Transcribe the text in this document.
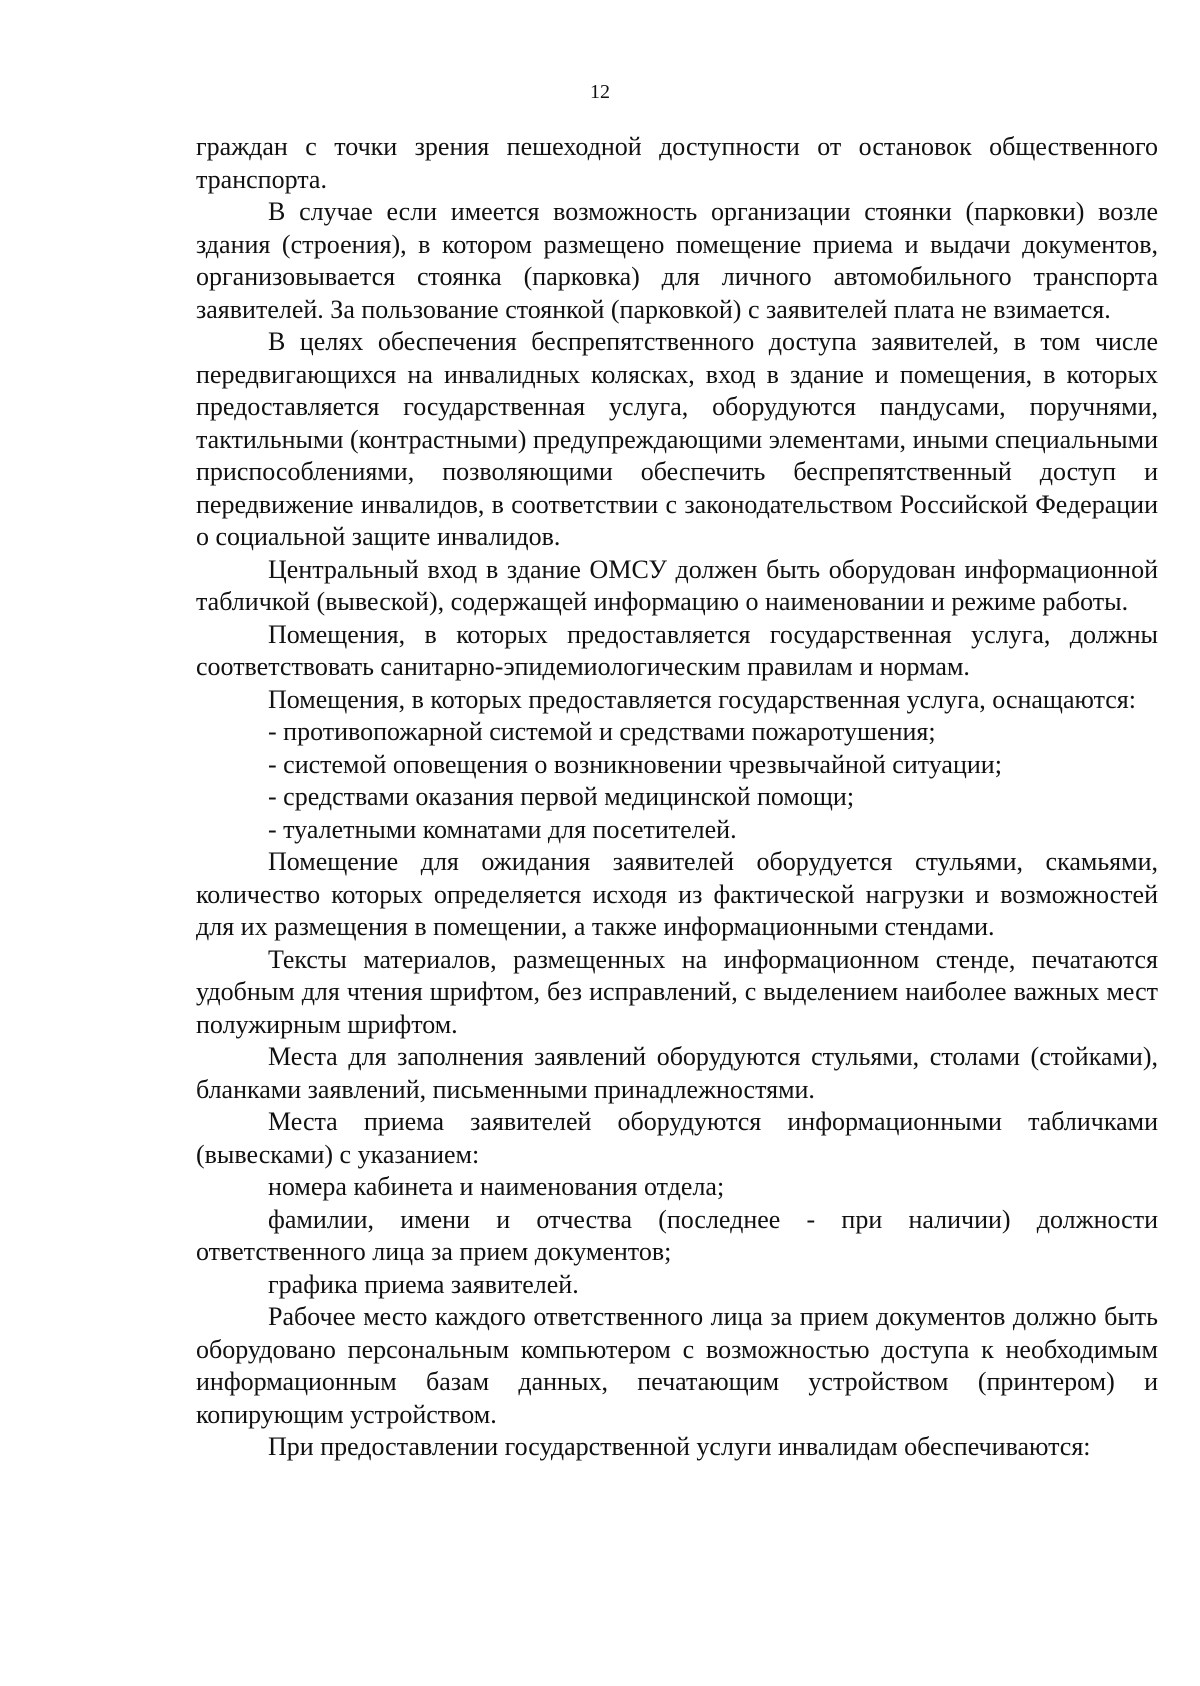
12

граждан с точки зрения пешеходной доступности от остановок общественного транспорта.

В случае если имеется возможность организации стоянки (парковки) возле здания (строения), в котором размещено помещение приема и выдачи документов, организовывается стоянка (парковка) для личного автомобильного транспорта заявителей. За пользование стоянкой (парковкой) с заявителей плата не взимается.

В целях обеспечения беспрепятственного доступа заявителей, в том числе передвигающихся на инвалидных колясках, вход в здание и помещения, в которых предоставляется государственная услуга, оборудуются пандусами, поручнями, тактильными (контрастными) предупреждающими элементами, иными специальными приспособлениями, позволяющими обеспечить беспрепятственный доступ и передвижение инвалидов, в соответствии с законодательством Российской Федерации о социальной защите инвалидов.

Центральный вход в здание ОМСУ должен быть оборудован информационной табличкой (вывеской), содержащей информацию о наименовании и режиме работы.

Помещения, в которых предоставляется государственная услуга, должны соответствовать санитарно-эпидемиологическим правилам и нормам.

Помещения, в которых предоставляется государственная услуга, оснащаются:

- противопожарной системой и средствами пожаротушения;

- системой оповещения о возникновении чрезвычайной ситуации;

- средствами оказания первой медицинской помощи;

- туалетными комнатами для посетителей.

Помещение для ожидания заявителей оборудуется стульями, скамьями, количество которых определяется исходя из фактической нагрузки и возможностей для их размещения в помещении, а также информационными стендами.

Тексты материалов, размещенных на информационном стенде, печатаются удобным для чтения шрифтом, без исправлений, с выделением наиболее важных мест полужирным шрифтом.

Места для заполнения заявлений оборудуются стульями, столами (стойками), бланками заявлений, письменными принадлежностями.

Места приема заявителей оборудуются информационными табличками (вывесками) с указанием:

номера кабинета и наименования отдела;

фамилии, имени и отчества (последнее - при наличии) должности ответственного лица за прием документов;

графика приема заявителей.

Рабочее место каждого ответственного лица за прием документов должно быть оборудовано персональным компьютером с возможностью доступа к необходимым информационным базам данных, печатающим устройством (принтером) и копирующим устройством.

При предоставлении государственной услуги инвалидам обеспечиваются:
